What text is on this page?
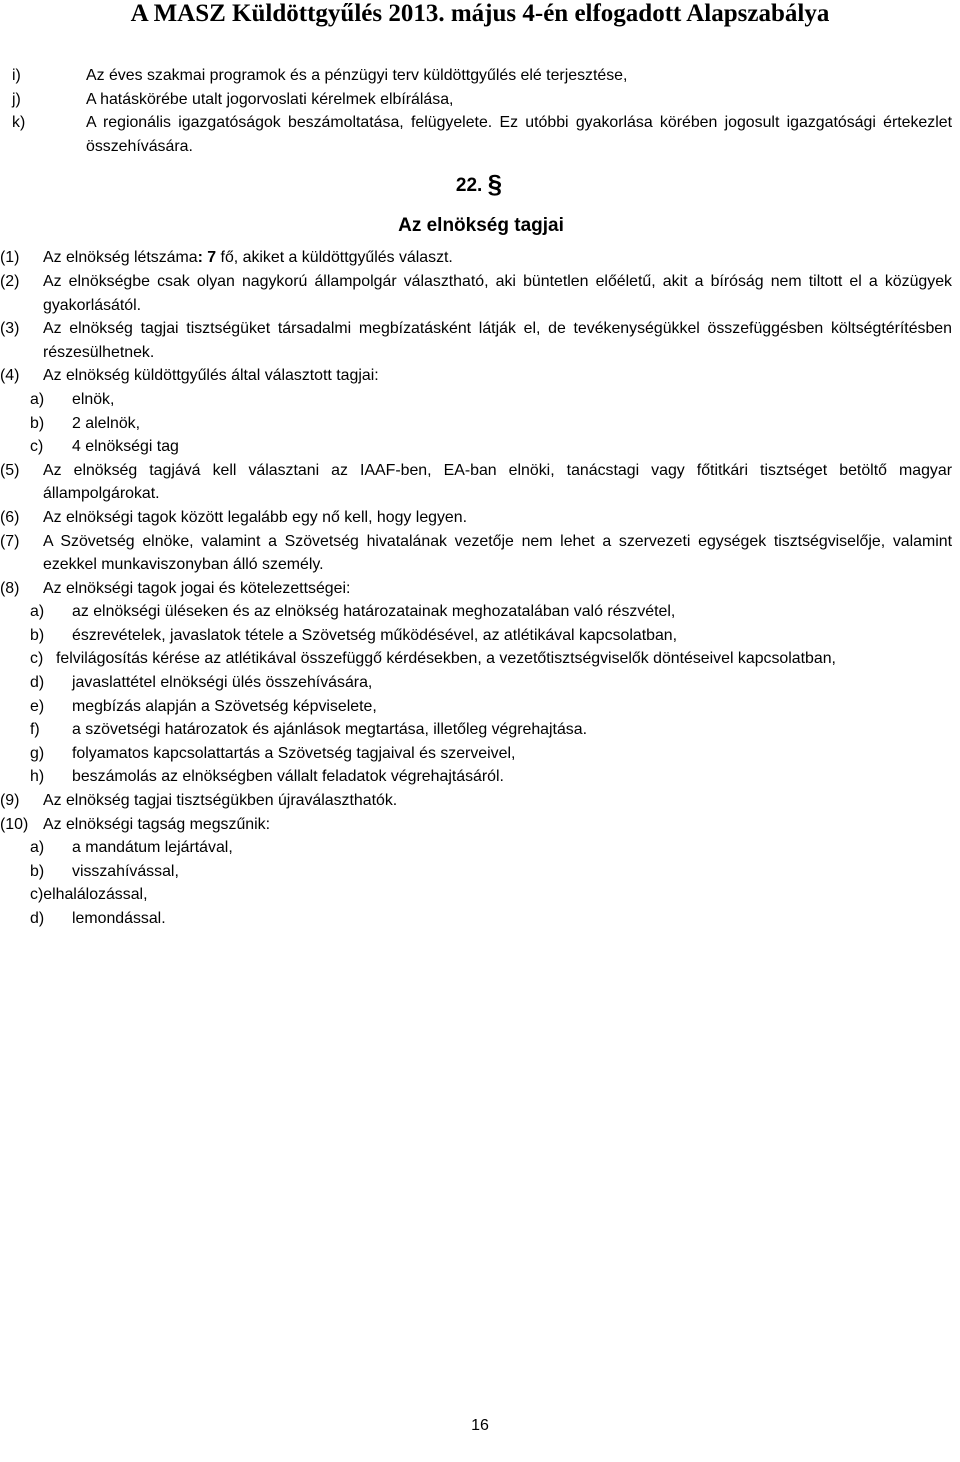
A MASZ Küldöttgyűlés 2013. május 4-én elfogadott Alapszabálya
i)	Az éves szakmai programok és a pénzügyi terv küldöttgyűlés elé terjesztése,
j)	A hatáskörébe utalt jogorvoslati kérelmek elbírálása,
k)	A regionális igazgatóságok beszámoltatása, felügyelete. Ez utóbbi gyakorlása körében jogosult igazgatósági értekezlet összehívására.
22. §
Az elnökség tagjai
(1)	Az elnökség létszáma: 7 fő, akiket a küldöttgyűlés választ.
(2)	Az elnökségbe csak olyan nagykorú állampolgár választható, aki büntetlen előéletű, akit a bíróság nem tiltott el a közügyek gyakorlásától.
(3)	Az elnökség tagjai tisztségüket társadalmi megbízatásként látják el, de tevékenységükkel összefüggésben költségtérítésben részesülhetnek.
(4)	Az elnökség küldöttgyűlés által választott tagjai:
a)	elnök,
b)	2 alelnök,
c)	4 elnökségi tag
(5)	Az elnökség tagjává kell választani az IAAF-ben, EA-ban elnöki, tanácstagi vagy főtitkári tisztséget betöltő magyar állampolgárokat.
(6)	Az elnökségi tagok között legalább egy nő kell, hogy legyen.
(7)	A Szövetség elnöke, valamint a Szövetség hivatalának vezetője nem lehet a szervezeti egységek tisztségviselője, valamint ezekkel munkaviszonyban álló személy.
(8)	Az elnökségi tagok jogai és kötelezettségei:
a)	az elnökségi üléseken és az elnökség határozatainak meghozatalában való részvétel,
b)	észrevételek, javaslatok tétele a Szövetség működésével, az atlétikával kapcsolatban,
c) felvilágosítás kérése az atlétikával összefüggő kérdésekben, a vezetőtisztségviselők döntéseivel kapcsolatban,
d)	javaslattétel elnökségi ülés összehívására,
e)	megbízás alapján a Szövetség képviselete,
f)	a szövetségi határozatok és ajánlások megtartása, illetőleg végrehajtása.
g)	folyamatos kapcsolattartás a Szövetség tagjaival és szerveivel,
h)	beszámolás az elnökségben vállalt feladatok végrehajtásáról.
(9)	Az elnökség tagjai tisztségükben újraválaszthatók.
(10) Az elnökségi tagság megszűnik:
a)	a mandátum lejártával,
b)	visszahívással,
c) elhalálozással,
d)	lemondással.
16
